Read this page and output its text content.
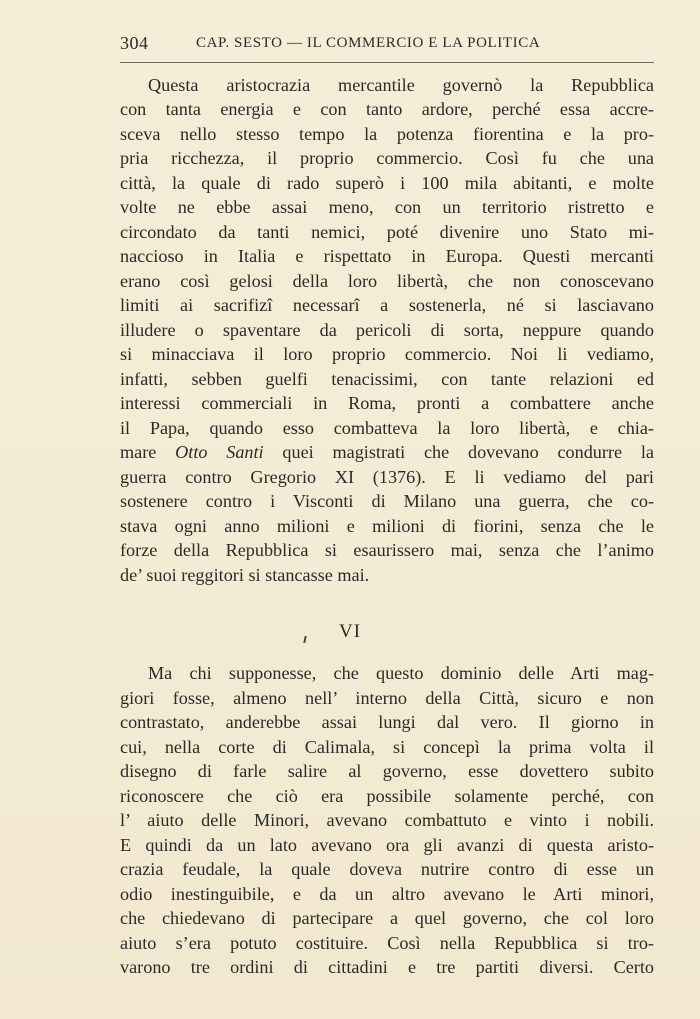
304	CAP. SESTO — IL COMMERCIO E LA POLITICA
Questa aristocrazia mercantile governò la Repubblica
con tanta energia e con tanto ardore, perché essa accre-
sceva nello stesso tempo la potenza fiorentina e la pro-
pria ricchezza, il proprio commercio. Così fu che una
città, la quale di rado superò i 100 mila abitanti, e molte
volte ne ebbe assai meno, con un territorio ristretto e
circondato da tanti nemici, poté divenire uno Stato mi-
naccioso in Italia e rispettato in Europa. Questi mercanti
erano così gelosi della loro libertà, che non conoscevano
limiti ai sacrifizî necessarî a sostenerla, né si lasciavano
illudere o spaventare da pericoli di sorta, neppure quando
si minacciava il loro proprio commercio. Noi li vediamo,
infatti, sebben guelfi tenacissimi, con tante relazioni ed
interessi commerciali in Roma, pronti a combattere anche
il Papa, quando esso combatteva la loro libertà, e chia-
mare Otto Santi quei magistrati che dovevano condurre la
guerra contro Gregorio XI (1376). E li vediamo del pari
sostenere contro i Visconti di Milano una guerra, che co-
stava ogni anno milioni e milioni di fiorini, senza che le
forze della Repubblica si esaurissero mai, senza che l’animo
de’ suoi reggitori si stancasse mai.
VI
Ma chi supponesse, che questo dominio delle Arti mag-
giori fosse, almeno nell’ interno della Città, sicuro e non
contrastato, anderebbe assai lungi dal vero. Il giorno in
cui, nella corte di Calimala, si concepì la prima volta il
disegno di farle salire al governo, esse dovettero subito
riconoscere che ciò era possibile solamente perché, con
l’ aiuto delle Minori, avevano combattuto e vinto i nobili.
E quindi da un lato avevano ora gli avanzi di questa aristo-
crazia feudale, la quale doveva nutrire contro di esse un
odio inestinguibile, e da un altro avevano le Arti minori,
che chiedevano di partecipare a quel governo, che col loro
aiuto s’era potuto costituire. Così nella Repubblica si tro-
varono tre ordini di cittadini e tre partiti diversi. Certo
